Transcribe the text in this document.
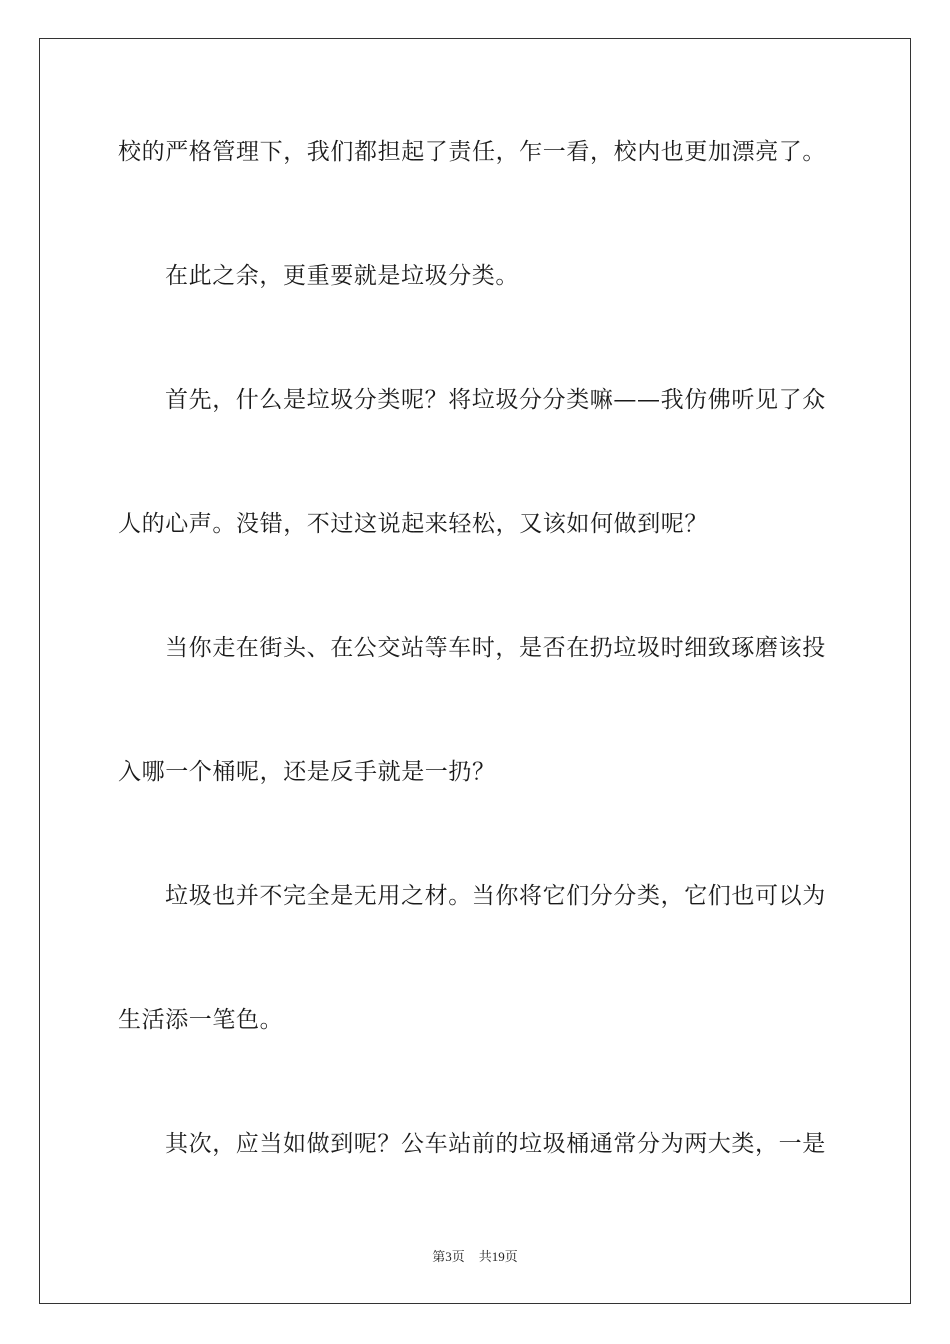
校的严格管理下，我们都担起了责任，乍一看，校内也更加漂亮了。
在此之余，更重要就是垃圾分类。
首先，什么是垃圾分类呢？将垃圾分分类嘛——我仿佛听见了众
人的心声。没错，不过这说起来轻松，又该如何做到呢？
当你走在街头、在公交站等车时，是否在扔垃圾时细致琢磨该投
入哪一个桶呢，还是反手就是一扔？
垃圾也并不完全是无用之材。当你将它们分分类，它们也可以为
生活添一笔色。
其次，应当如做到呢？公车站前的垃圾桶通常分为两大类，一是
第3页 共19页
